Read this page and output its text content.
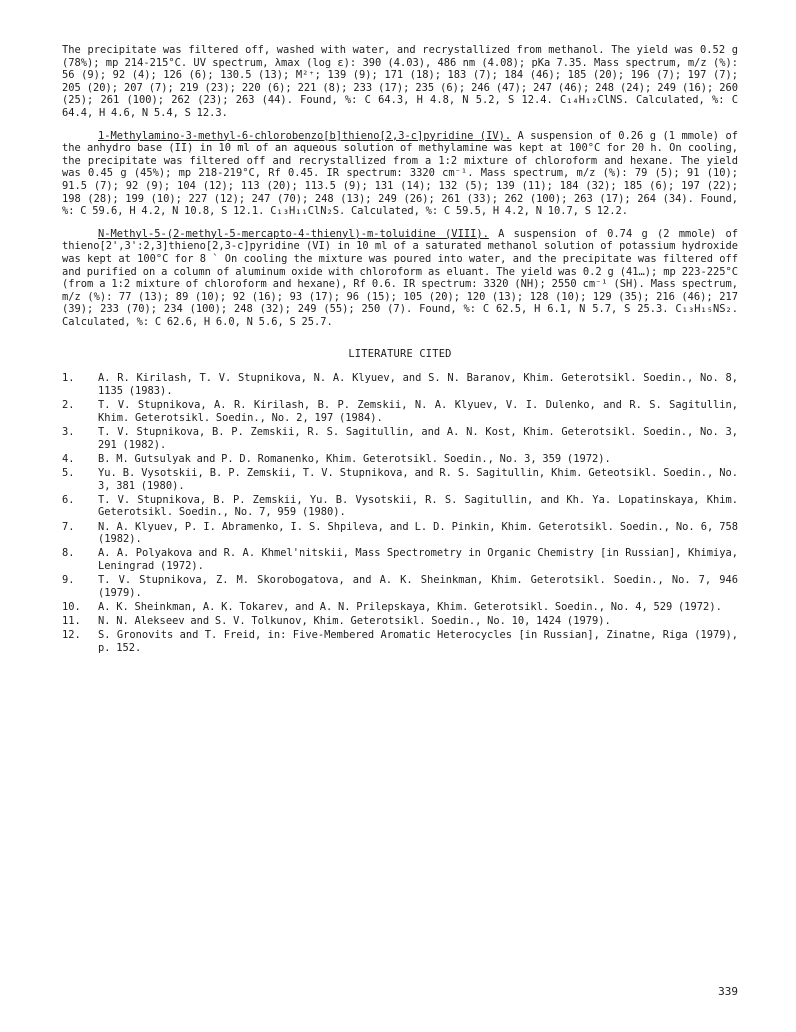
The precipitate was filtered off, washed with water, and recrystallized from methanol. The yield was 0.52 g (78%); mp 214-215°C. UV spectrum, λmax (log ε): 390 (4.03), 486 nm (4.08); pKa 7.35. Mass spectrum, m/z (%): 56 (9); 92 (4); 126 (6); 130.5 (13); M²⁺; 139 (9); 171 (18); 183 (7); 184 (46); 185 (20); 196 (7); 197 (7); 205 (20); 207 (7); 219 (23); 220 (6); 221 (8); 233 (17); 235 (6); 246 (47); 247 (46); 248 (24); 249 (16); 260 (25); 261 (100); 262 (23); 263 (44). Found, %: C 64.3, H 4.8, N 5.2, S 12.4. C₁₄H₁₂ClNS. Calculated, %: C 64.4, H 4.6, N 5.4, S 12.3.

1-Methylamino-3-methyl-6-chlorobenzo[b]thieno[2,3-c]pyridine (IV). A suspension of 0.26 g (1 mmole) of the anhydro base (II) in 10 ml of an aqueous solution of methylamine was kept at 100°C for 20 h. On cooling, the precipitate was filtered off and recrystallized from a 1:2 mixture of chloroform and hexane. The yield was 0.45 g (45%); mp 218-219°C, Rf 0.45. IR spectrum: 3320 cm⁻¹. Mass spectrum, m/z (%): 79 (5); 91 (10); 91.5 (7); 92 (9); 104 (12); 113 (20); 113.5 (9); 131 (14); 132 (5); 139 (11); 184 (32); 185 (6); 197 (22); 198 (28); 199 (10); 227 (12); 247 (70); 248 (13); 249 (26); 261 (33); 262 (100); 263 (17); 264 (34). Found, %: C 59.6, H 4.2, N 10.8, S 12.1. C₁₃H₁₁ClN₂S. Calculated, %: C 59.5, H 4.2, N 10.7, S 12.2.

N-Methyl-5-(2-methyl-5-mercapto-4-thienyl)-m-toluidine (VIII). A suspension of 0.74 g (2 mmole) of thieno[2',3':2,3]thieno[2,3-c]pyridine (VI) in 10 ml of a saturated methanol solution of potassium hydroxide was kept at 100°C for 8 ` On cooling the mixture was poured into water, and the precipitate was filtered off and purified on a column of aluminum oxide with chloroform as eluant. The yield was 0.2 g (41…); mp 223-225°C (from a 1:2 mixture of chloroform and hexane), Rf 0.6. IR spectrum: 3320 (NH); 2550 cm⁻¹ (SH). Mass spectrum, m/z (%): 77 (13); 89 (10); 92 (16); 93 (17); 96 (15); 105 (20); 120 (13); 128 (10); 129 (35); 216 (46); 217 (39); 233 (70); 234 (100); 248 (32); 249 (55); 250 (7). Found, %: C 62.5, H 6.1, N 5.7, S 25.3. C₁₃H₁₅NS₂. Calculated, %: C 62.6, H 6.0, N 5.6, S 25.7.

LITERATURE CITED
1.	A. R. Kirilash, T. V. Stupnikova, N. A. Klyuev, and S. N. Baranov, Khim. Geterotsikl. Soedin., No. 8, 1135 (1983).
2.	T. V. Stupnikova, A. R. Kirilash, B. P. Zemskii, N. A. Klyuev, V. I. Dulenko, and R. S. Sagitullin, Khim. Geterotsikl. Soedin., No. 2, 197 (1984).
3.	T. V. Stupnikova, B. P. Zemskii, R. S. Sagitullin, and A. N. Kost, Khim. Geterotsikl. Soedin., No. 3, 291 (1982).
4.	B. M. Gutsulyak and P. D. Romanenko, Khim. Geterotsikl. Soedin., No. 3, 359 (1972).
5.	Yu. B. Vysotskii, B. P. Zemskii, T. V. Stupnikova, and R. S. Sagitullin, Khim. Geteotsikl. Soedin., No. 3, 381 (1980).
6.	T. V. Stupnikova, B. P. Zemskii, Yu. B. Vysotskii, R. S. Sagitullin, and Kh. Ya. Lopatinskaya, Khim. Geterotsikl. Soedin., No. 7, 959 (1980).
7.	N. A. Klyuev, P. I. Abramenko, I. S. Shpileva, and L. D. Pinkin, Khim. Geterotsikl. Soedin., No. 6, 758 (1982).
8.	A. A. Polyakova and R. A. Khmel'nitskii, Mass Spectrometry in Organic Chemistry [in Russian], Khimiya, Leningrad (1972).
9.	T. V. Stupnikova, Z. M. Skorobogatova, and A. K. Sheinkman, Khim. Geterotsikl. Soedin., No. 7, 946 (1979).
10.	A. K. Sheinkman, A. K. Tokarev, and A. N. Prilepskaya, Khim. Geterotsikl. Soedin., No. 4, 529 (1972).
11.	N. N. Alekseev and S. V. Tolkunov, Khim. Geterotsikl. Soedin., No. 10, 1424 (1979).
12.	S. Gronovits and T. Freid, in: Five-Membered Aromatic Heterocycles [in Russian], Zinatne, Riga (1979), p. 152.
339
